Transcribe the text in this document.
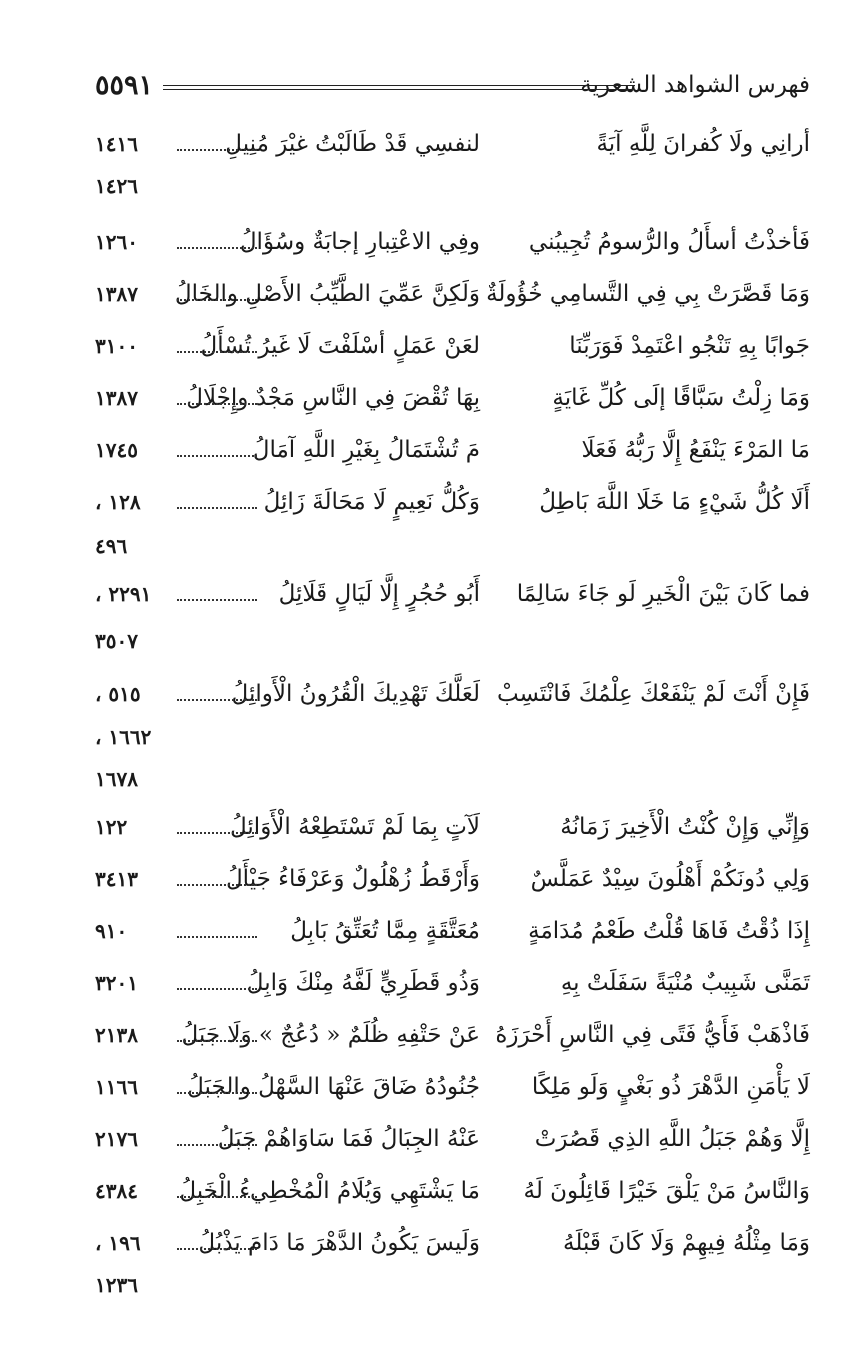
فهرس الشواهد الشعرية
٥٥٩١
أرانِي ولَا كُفرانَ لِلَّهِ آيَةً
لنفسِي قَدْ طَالَبْتُ غيْرَ مُنِيلِ
١٤١٦
١٤٢٦
فَأخذْتُ أسأَلُ والرُّسومُ تُجِيبُني
وفِي الاعْتِبارِ إجابَةٌ وسُؤَالُ
١٢٦٠
وَمَا قَصَّرَتْ بِي فِي التَّسامِي خُؤُولَةٌ
وَلَكِنَّ عَمِّيَ الطَّيِّبُ الأَصْلِ والخَالُ
١٣٨٧
جَوابًا بِهِ تَنْجُو اعْتَمِدْ فَوَرَبِّنَا
لعَنْ عَمَلٍ أسْلَفْتَ لَا غَيرُ تُسْأَلُ
٣١٠٠
وَمَا زِلْتُ سَبَّاقًا إلَى كُلِّ غَايَةٍ
بِهَا تُقْضَ فِي النَّاسِ مَجْدٌ وإِجْلَالُ
١٣٨٧
مَا المَرْءَ يَنْفَعُ إِلَّا رَبُّهُ فَعَلَا
مَ تُشْتَمَالُ بِغَيْرِ اللَّهِ آمَالُ
١٧٤٥
أَلَا كُلُّ شَيْءٍ مَا خَلَا اللَّهَ بَاطِلُ
وَكُلُّ نَعِيمٍ لَا مَحَالَةَ زَائِلُ
١٢٨ ،
٤٩٦
فما كَانَ بَيْنَ الْخَيرِ لَو جَاءَ سَالِمًا
أَبُو حُجُرٍ إِلَّا لَيَالٍ قَلَائِلُ
٢٢٩١ ،
٣٥٠٧
فَإِنْ أَنْتَ لَمْ يَنْفَعْكَ عِلْمُكَ فَانْتَسِبْ
لَعَلَّكَ تَهْدِيكَ الْقُرُونُ الْأَوائِلُ
٥١٥ ،
١٦٦٢ ،
١٦٧٨
وَإِنِّي وَإِنْ كُنْتُ الْأَخِيرَ زَمَانُهُ
لَآتٍ بِمَا لَمْ تَسْتَطِعْهُ الْأَوَائِلُ
١٢٢
وَلِي دُونَكُمْ أَهْلُونَ سِيْدٌ عَمَلَّسٌ
وَأَرْقَطُ زُهْلُولٌ وَعَرْفَاءُ جَيْأَلُ
٣٤١٣
إِذَا ذُقْتُ فَاهَا قُلْتُ طَعْمُ مُدَامَةٍ
مُعَتَّقَةٍ مِمَّا تُعَتِّقُ بَابِلُ
٩١٠
تَمَنَّى شَبِيبٌ مُنْيَةً سَفَلَتْ بِهِ
وَذُو قَطَرِيٍّ لَفَّهُ مِنْكَ وَابِلُ
٣٢٠١
فَاذْهَبْ فَأَيُّ فَتًى فِي النَّاسِ أَحْرَزَهُ
عَنْ حَتْفِهِ ظُلَمٌ « دُعُجٌ » وَلَا جَبَلُ
٢١٣٨
لَا يَأْمَنِ الدَّهْرَ ذُو بَغْيٍ وَلَو مَلِكًا
جُنُودُهُ ضَاقَ عَنْهَا السَّهْلُ والجَبَلُ
١١٦٦
إِلَّا وَهُمْ جَبَلُ اللَّهِ الذِي قَصُرَتْ
عَنْهُ الجِبَالُ فَمَا سَاوَاهُمْ جَبَلُ
٢١٧٦
وَالنَّاسُ مَنْ يَلْقَ خَيْرًا قَائِلُونَ لَهُ
مَا يَشْتَهِي وَيُلَامُ الْمُخْطِيءُ الْخَبِلُ
٤٣٨٤
وَمَا مِثْلُهُ فِيهِمْ وَلَا كَانَ قَبْلَهُ
وَلَيسَ يَكُونُ الدَّهْرَ مَا دَامَ يَذْبُلُ
١٩٦ ،
١٢٣٦
